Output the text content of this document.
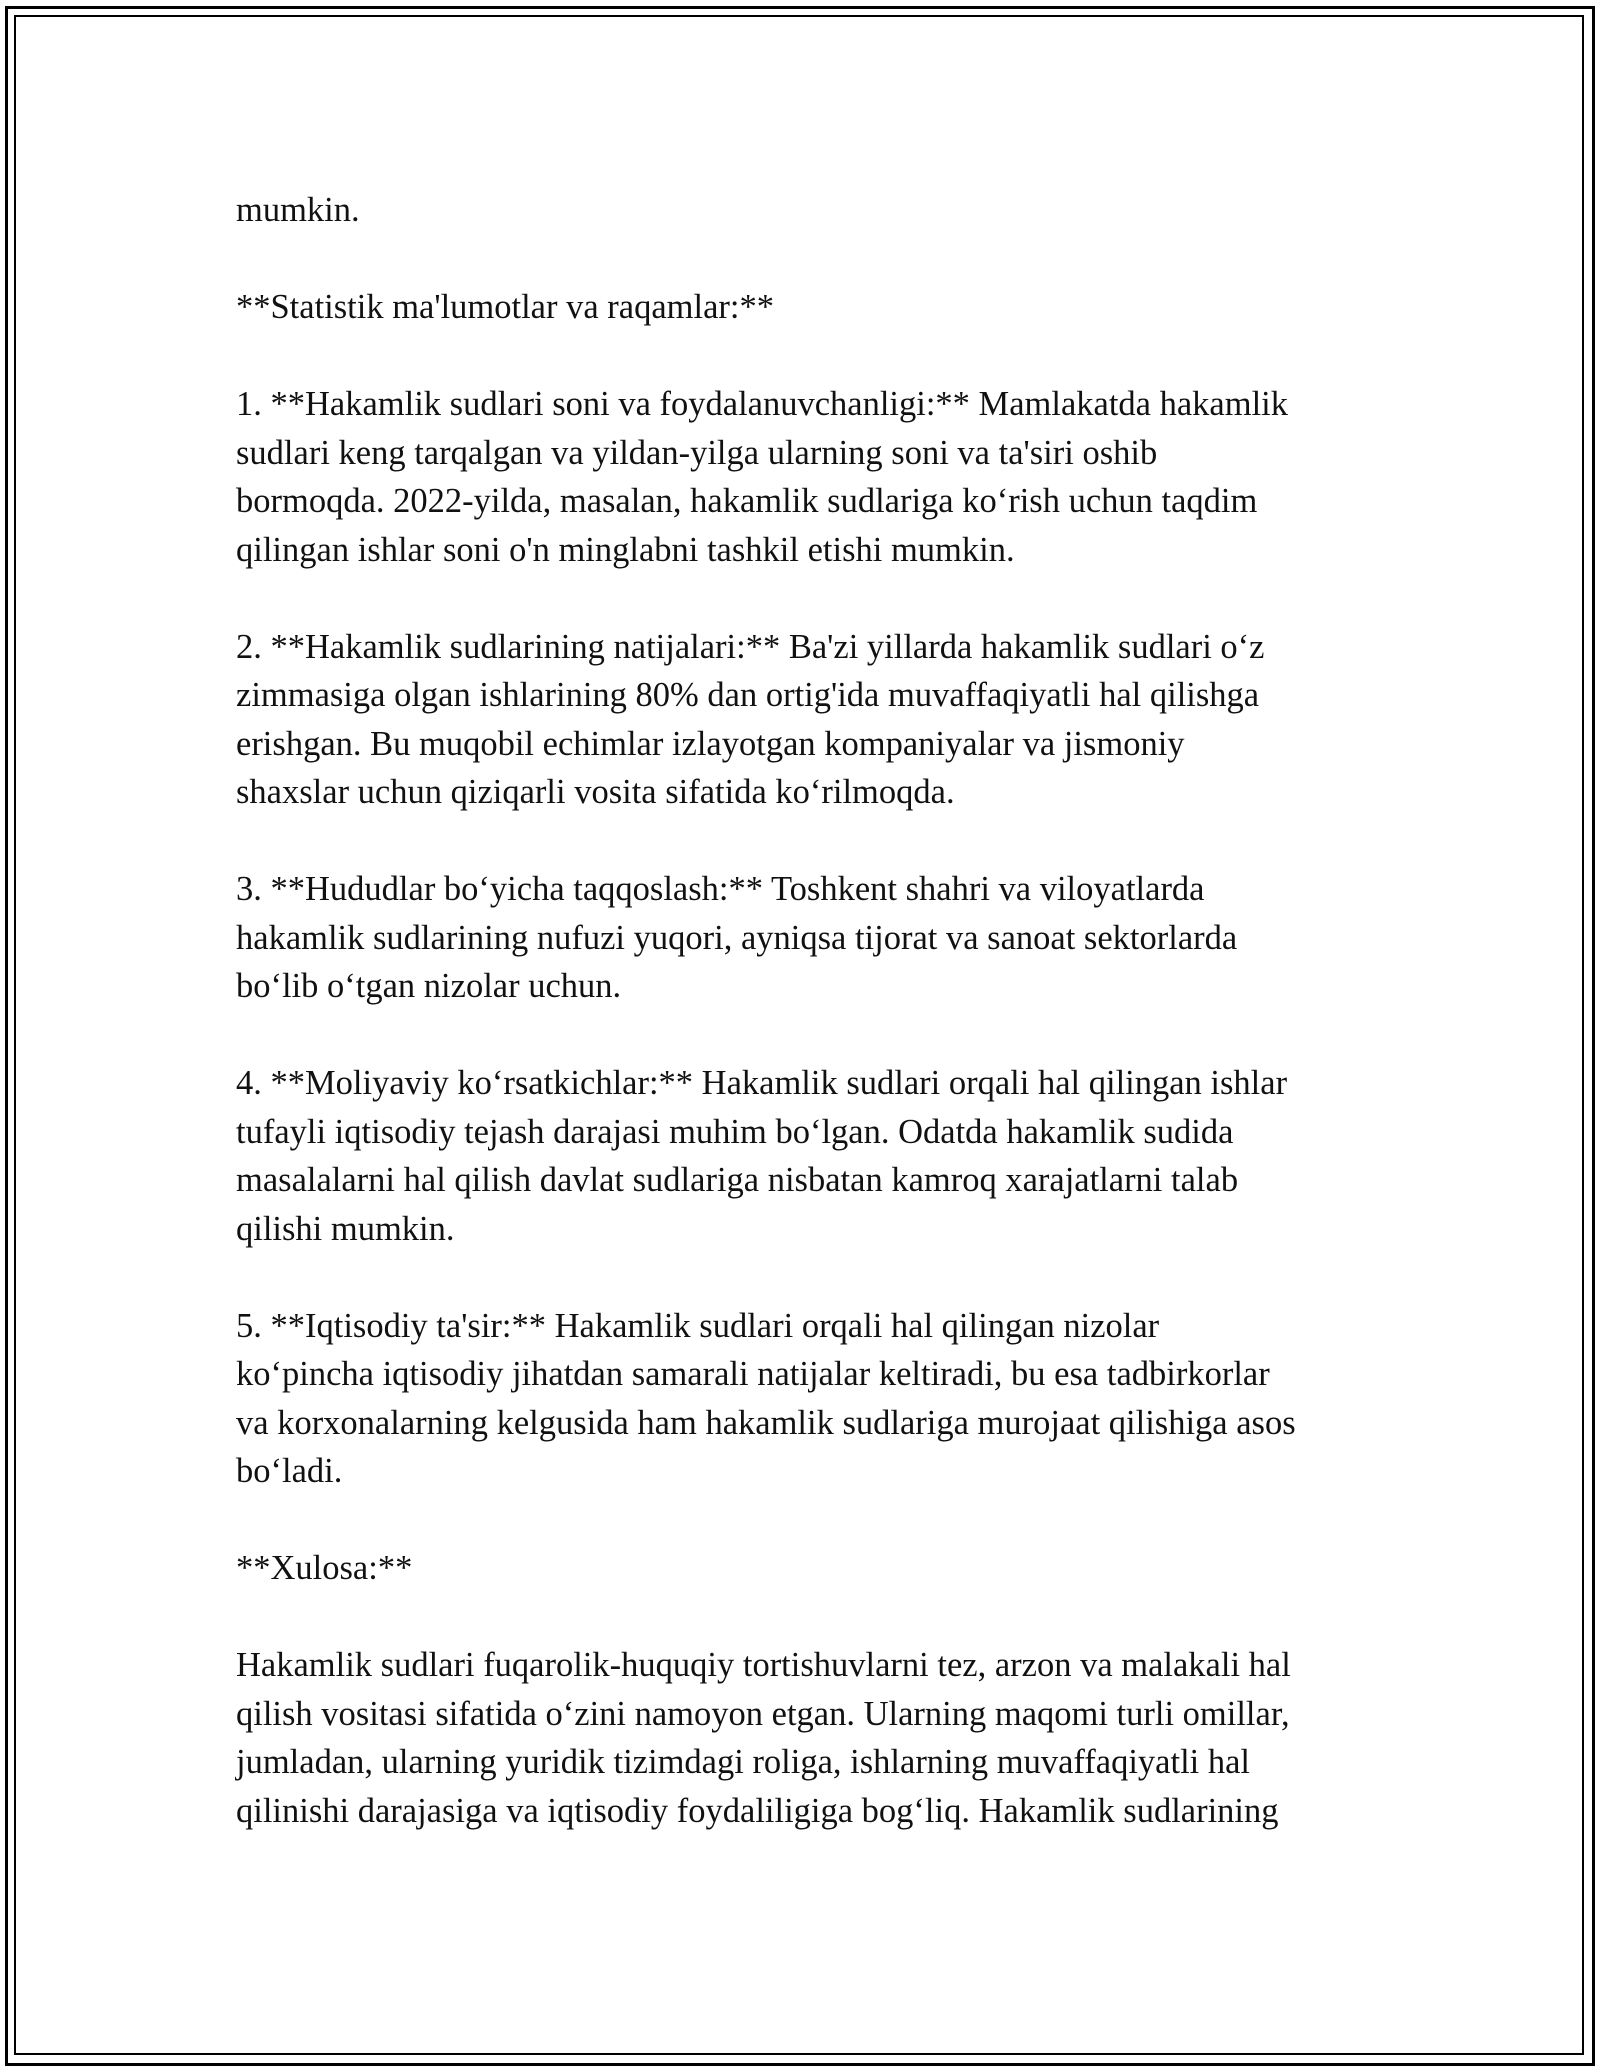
mumkin.
**Statistik ma'lumotlar va raqamlar:**
1. **Hakamlik sudlari soni va foydalanuvchanligi:** Mamlakatda hakamlik
sudlari keng tarqalgan va yildan-yilga ularning soni va ta'siri oshib
bormoqda. 2022-yilda, masalan, hakamlik sudlariga ko‘rish uchun taqdim
qilingan ishlar soni o'n minglabni tashkil etishi mumkin.
2. **Hakamlik sudlarining natijalari:** Ba'zi yillarda hakamlik sudlari o‘z
zimmasiga olgan ishlarining 80% dan ortig'ida muvaffaqiyatli hal qilishga
erishgan. Bu muqobil echimlar izlayotgan kompaniyalar va jismoniy
shaxslar uchun qiziqarli vosita sifatida ko‘rilmoqda.
3. **Hududlar bo‘yicha taqqoslash:** Toshkent shahri va viloyatlarda
hakamlik sudlarining nufuzi yuqori, ayniqsa tijorat va sanoat sektorlarda
bo‘lib o‘tgan nizolar uchun.
4. **Moliyaviy ko‘rsatkichlar:** Hakamlik sudlari orqali hal qilingan ishlar
tufayli iqtisodiy tejash darajasi muhim bo‘lgan. Odatda hakamlik sudida
masalalarni hal qilish davlat sudlariga nisbatan kamroq xarajatlarni talab
qilishi mumkin.
5. **Iqtisodiy ta'sir:** Hakamlik sudlari orqali hal qilingan nizolar
ko‘pincha iqtisodiy jihatdan samarali natijalar keltiradi, bu esa tadbirkorlar
va korxonalarning kelgusida ham hakamlik sudlariga murojaat qilishiga asos
bo‘ladi.
**Xulosa:**
Hakamlik sudlari fuqarolik-huquqiy tortishuvlarni tez, arzon va malakali hal
qilish vositasi sifatida o‘zini namoyon etgan. Ularning maqomi turli omillar,
jumladan, ularning yuridik tizimdagi roliga, ishlarning muvaffaqiyatli hal
qilinishi darajasiga va iqtisodiy foydaliligiga bog‘liq. Hakamlik sudlarining
